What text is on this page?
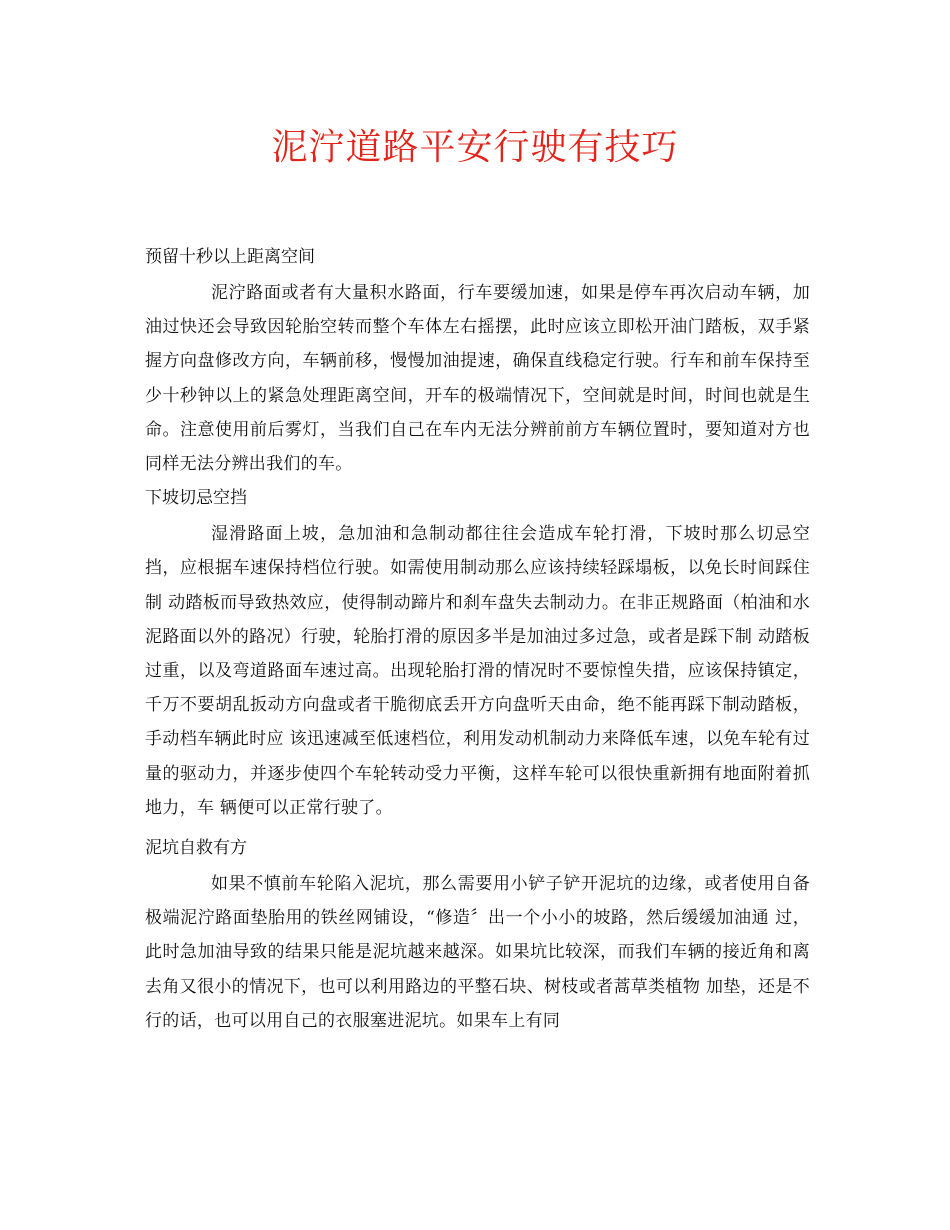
泥泞道路平安行驶有技巧

预留十秒以上距离空间

泥泞路面或者有大量积水路面，行车要缓加速，如果是停车再次启动车辆，加油过快还会导致因轮胎空转而整个车体左右摇摆，此时应该立即松开油门踏板，双手紧握方向盘修改方向，车辆前移，慢慢加油提速，确保直线稳定行驶。行车和前车保持至少十秒钟以上的紧急处理距离空间，开车的极端情况下，空间就是时间，时间也就是生命。注意使用前后雾灯，当我们自己在车内无法分辨前前方车辆位置时，要知道对方也同样无法分辨出我们的车。

下坡切忌空挡

湿滑路面上坡，急加油和急制动都往往会造成车轮打滑，下坡时那么切忌空挡，应根据车速保持档位行驶。如需使用制动那么应该持续轻踩塌板，以免长时间踩住制 动踏板而导致热效应，使得制动蹄片和刹车盘失去制动力。在非正规路面（柏油和水泥路面以外的路况）行驶，轮胎打滑的原因多半是加油过多过急，或者是踩下制 动踏板过重，以及弯道路面车速过高。出现轮胎打滑的情况时不要惊惶失措，应该保持镇定，千万不要胡乱扳动方向盘或者干脆彻底丢开方向盘听天由命，绝不能再踩下制动踏板，手动档车辆此时应 该迅速减至低速档位，利用发动机制动力来降低车速，以免车轮有过量的驱动力，并逐步使四个车轮转动受力平衡，这样车轮可以很快重新拥有地面附着抓地力，车 辆便可以正常行驶了。

泥坑自救有方

如果不慎前车轮陷入泥坑，那么需要用小铲子铲开泥坑的边缘，或者使用自备极端泥泞路面垫胎用的铁丝网铺设，“修造〞出一个小小的坡路，然后缓缓加油通 过，此时急加油导致的结果只能是泥坑越来越深。如果坑比较深，而我们车辆的接近角和离去角又很小的情况下，也可以利用路边的平整石块、树枝或者蒿草类植物 加垫，还是不行的话，也可以用自己的衣服塞进泥坑。如果车上有同
